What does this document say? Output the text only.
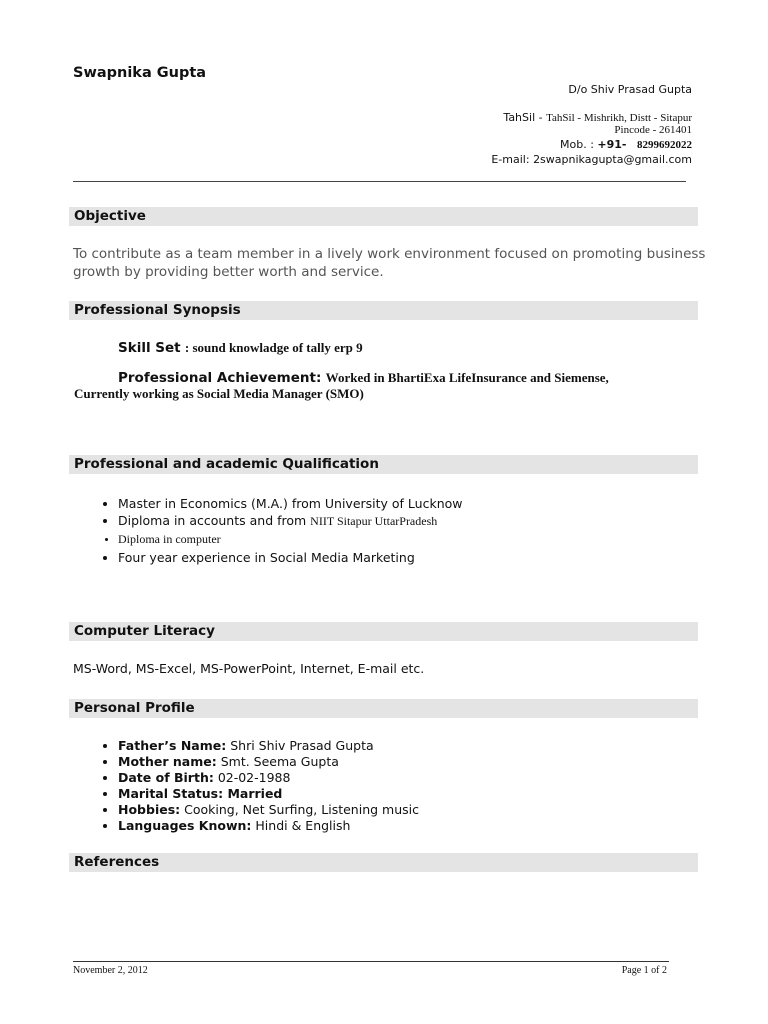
Swapnika Gupta
D/o Shiv Prasad Gupta
TahSil - TahSil - Mishrikh, Distt - Sitapur
Pincode - 261401
Mob. : +91- 8299692022
E-mail: 2swapnikagupta@gmail.com
Objective
To contribute as a team member in a lively work environment focused on promoting business growth by providing better worth and service.
Professional Synopsis
Skill Set : sound knowladge of tally erp 9
Professional Achievement: Worked in BhartiExa LifeInsurance and Siemense,
Currently working as Social Media Manager (SMO)
Professional and academic Qualification
• Master in Economics (M.A.) from University of Lucknow
• Diploma in accounts and from NIIT Sitapur UttarPradesh
• Diploma in computer
• Four year experience in Social Media Marketing
Computer Literacy
MS-Word, MS-Excel, MS-PowerPoint, Internet, E-mail etc.
Personal Profile
• Father’s Name: Shri Shiv Prasad Gupta
• Mother name: Smt. Seema Gupta
• Date of Birth: 02-02-1988
• Marital Status: Married
• Hobbies: Cooking, Net Surfing, Listening music
• Languages Known: Hindi & English
References
November 2, 2012	Page 1 of 2
